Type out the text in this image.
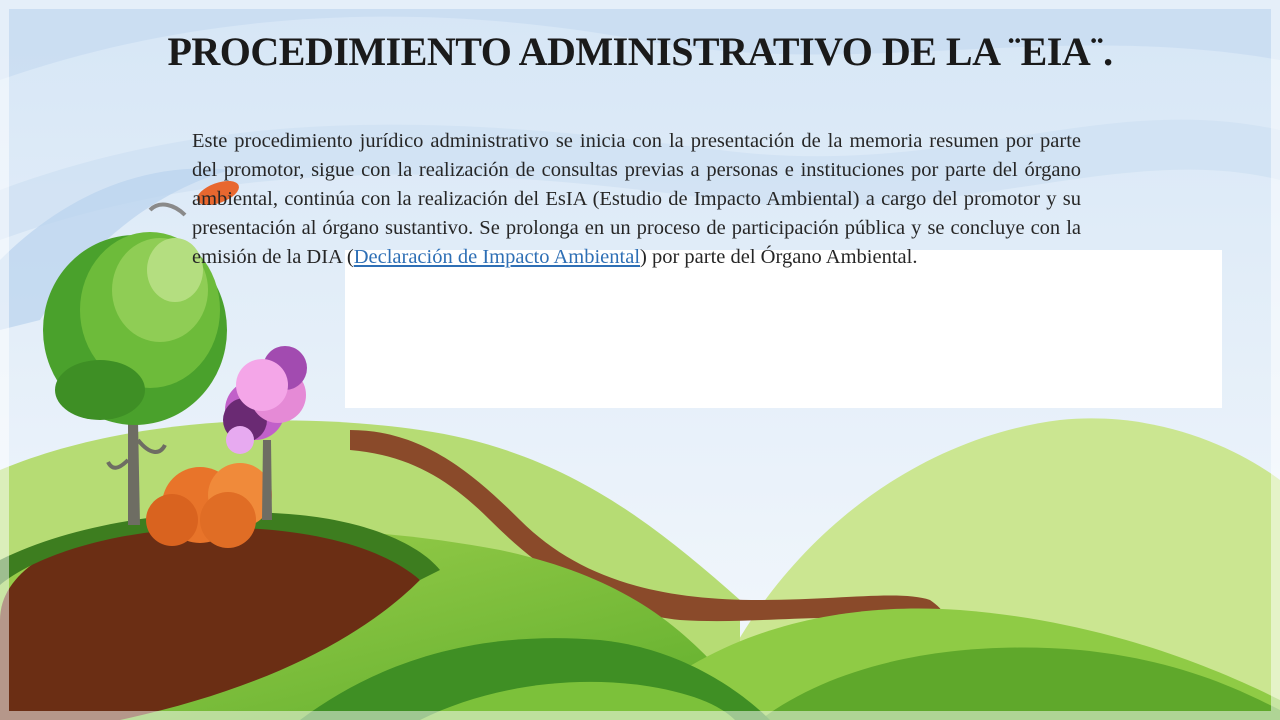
PROCEDIMIENTO ADMINISTRATIVO DE LA ¨EIA¨.

Este procedimiento jurídico administrativo se inicia con la presentación de la memoria resumen por parte del promotor, sigue con la realización de consultas previas a personas e instituciones por parte del órgano ambiental, continúa con la realización del EsIA (Estudio de Impacto Ambiental) a cargo del promotor y su presentación al órgano sustantivo. Se prolonga en un proceso de participación pública y se concluye con la emisión de la DIA (Declaración de Impacto Ambiental) por parte del Órgano Ambiental.
